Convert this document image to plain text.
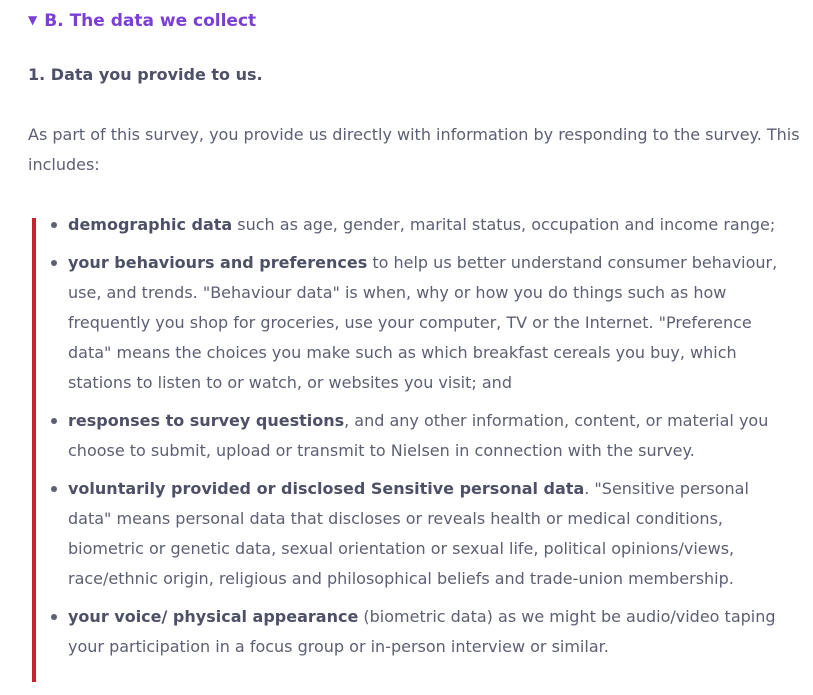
▼ B. The data we collect
1. Data you provide to us.

As part of this survey, you provide us directly with information by responding to the survey. This includes:

demographic data such as age, gender, marital status, occupation and income range;
your behaviours and preferences to help us better understand consumer behaviour, use, and trends. "Behaviour data" is when, why or how you do things such as how frequently you shop for groceries, use your computer, TV or the Internet. "Preference data" means the choices you make such as which breakfast cereals you buy, which stations to listen to or watch, or websites you visit; and
responses to survey questions, and any other information, content, or material you choose to submit, upload or transmit to Nielsen in connection with the survey.
voluntarily provided or disclosed Sensitive personal data. "Sensitive personal data" means personal data that discloses or reveals health or medical conditions, biometric or genetic data, sexual orientation or sexual life, political opinions/views, race/ethnic origin, religious and philosophical beliefs and trade-union membership.
your voice/ physical appearance (biometric data) as we might be audio/video taping your participation in a focus group or in-person interview or similar.
